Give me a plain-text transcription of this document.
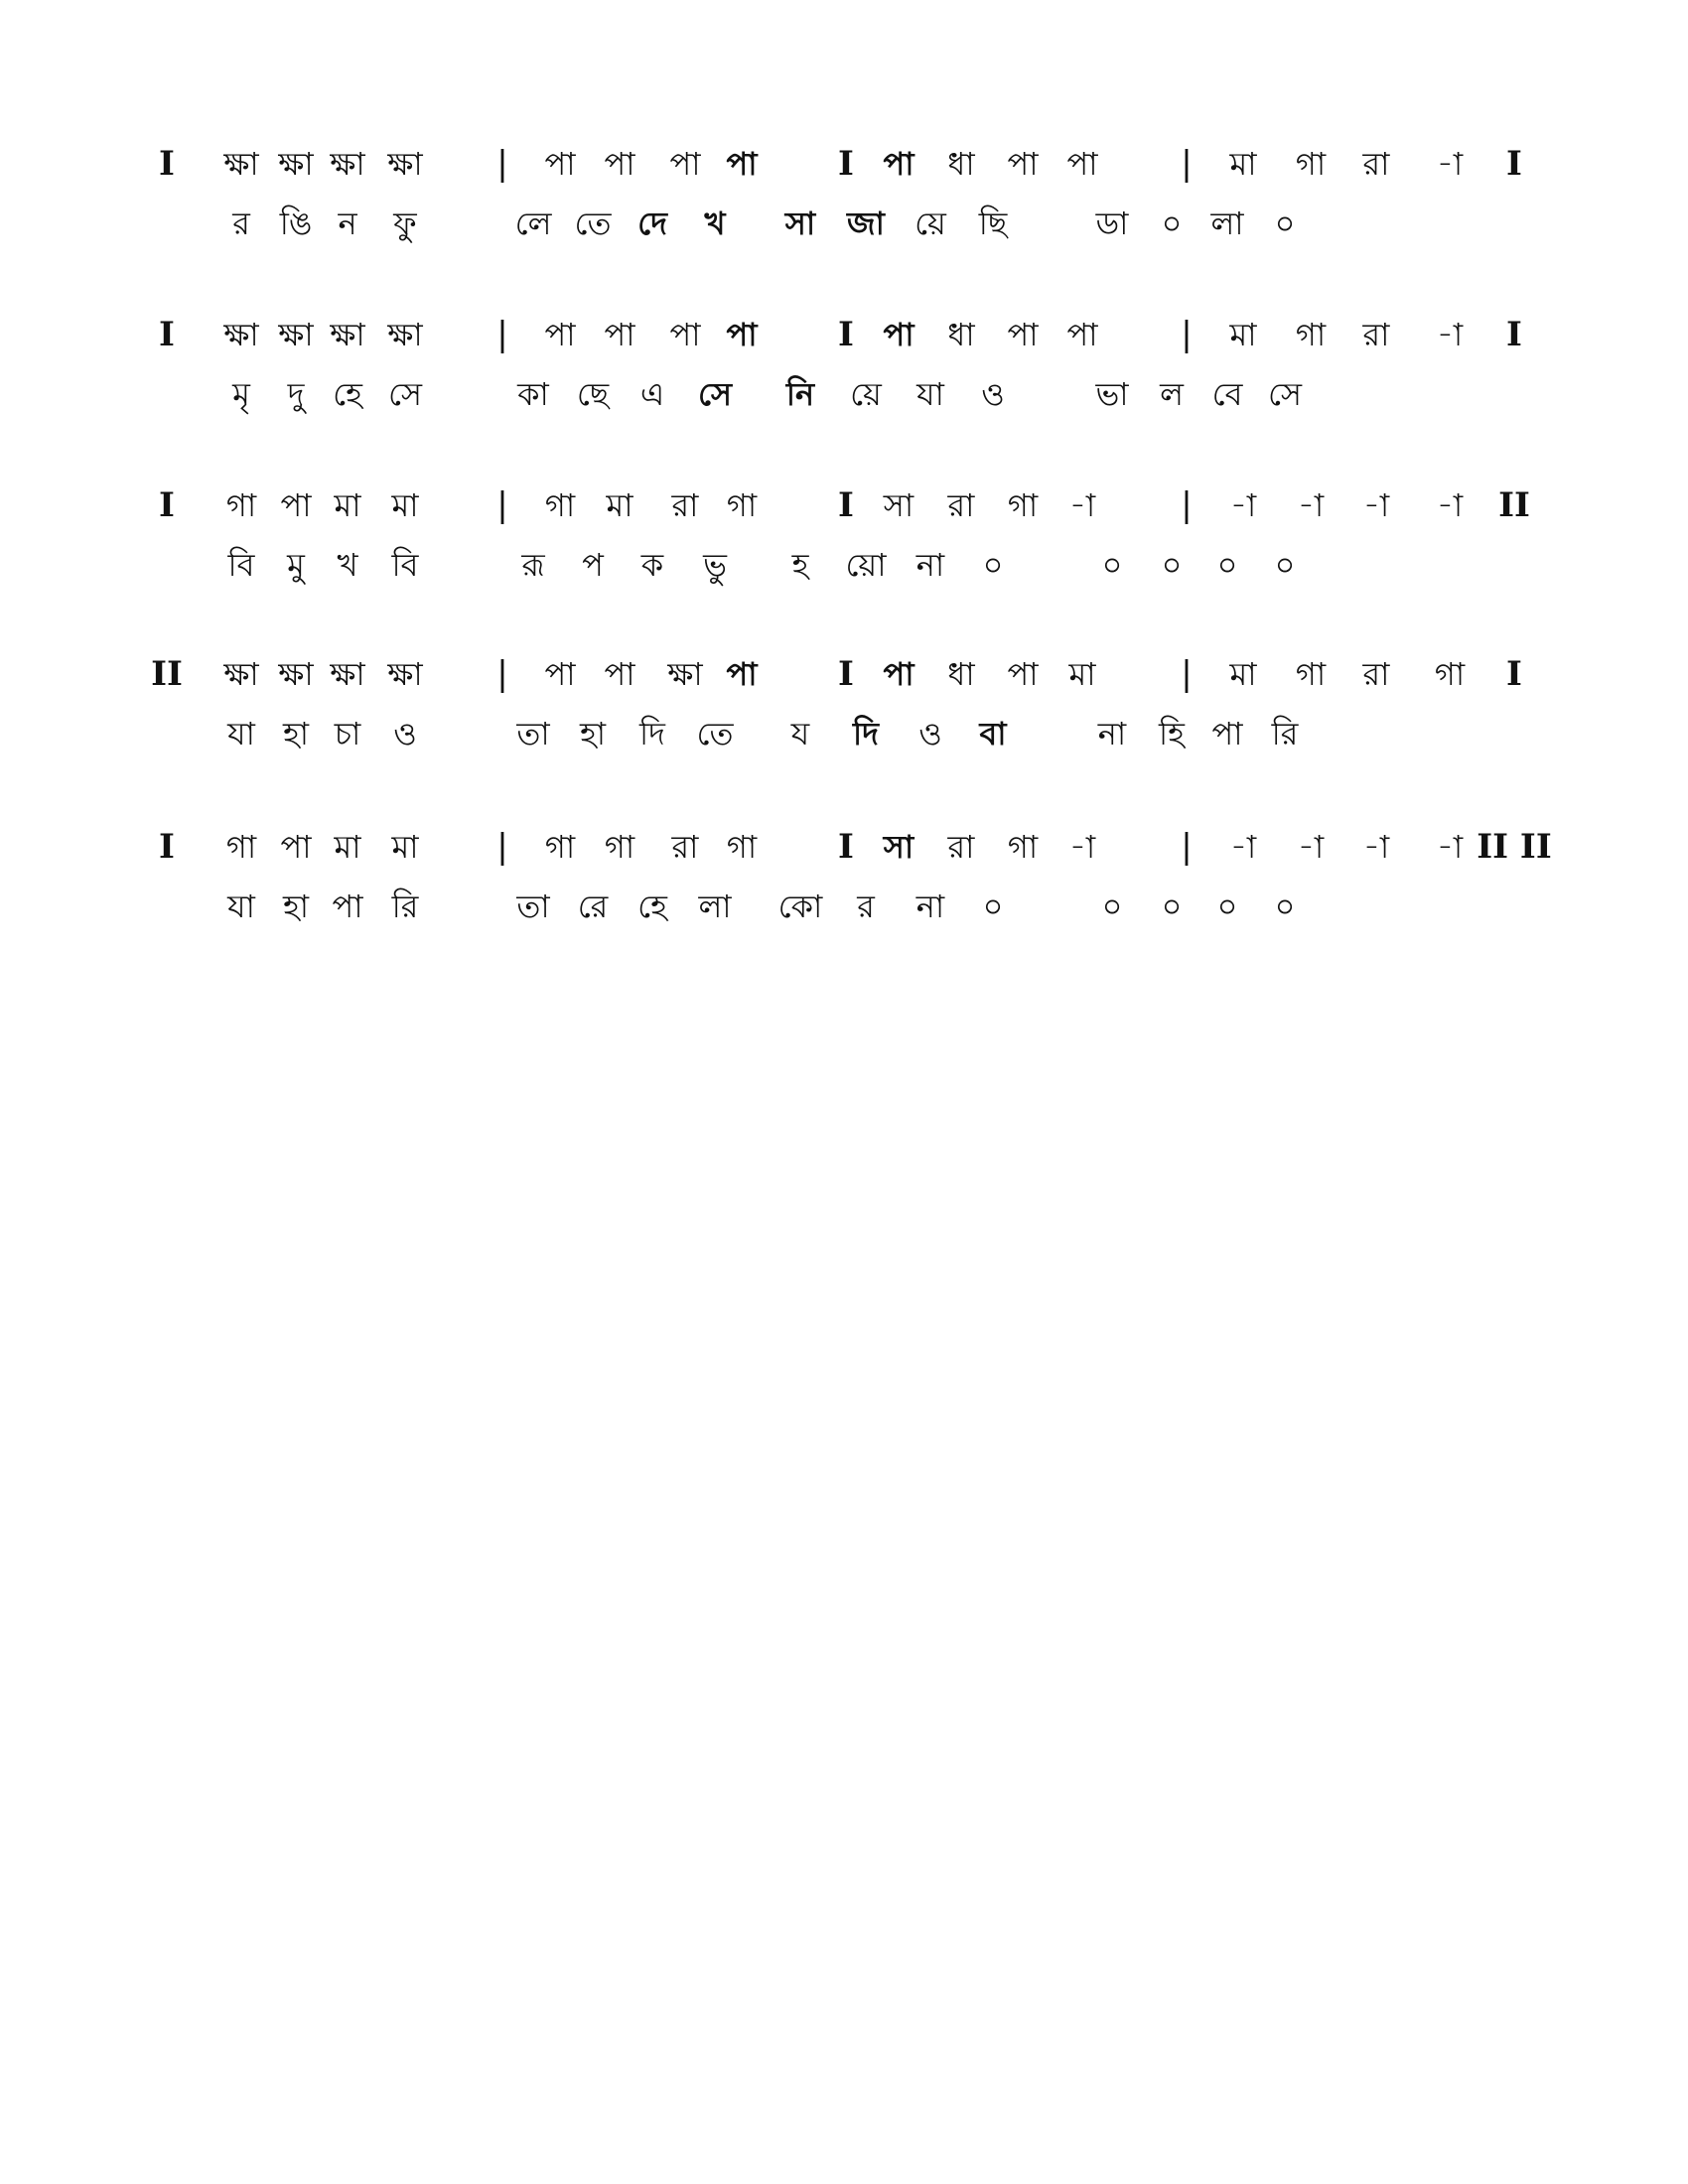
I ক্ষা ক্ষা ক্ষা ক্ষা | পা পা পা পা I পা ধা পা পা | মা গা রা -া I
র ঙি ন ফু	লে তে দে খ সা জা য়ে ছি	ডা ০ লা ০
I ক্ষা ক্ষা ক্ষা ক্ষা | পা পা পা পা I পা ধা পা পা | মা গা রা -া I
মৃ দু হে সে	কা ছে এ সে নি য়ে যা ও	ভা ল বে সে
I গা পা মা মা | গা মা রা গা I সা রা গা -া	| -া -া -া -া II
বি মু খ বি	রূ প ক ভু হ য়ো না ০	০ ০ ০ ০
II ক্ষা ক্ষা ক্ষা ক্ষা | পা পা ক্ষা পা I পা ধা পা মা	| মা গা রা গা I
যা হা চা ও	তা হা দি তে য দি ও বা	না হি পা রি
I গা পা মা মা | গা গা রা গা I সা রা গা -া	| -া -া -া -া II II
যা হা পা রি	তা রে হে লা কো র না ০	০ ০ ০ ০
